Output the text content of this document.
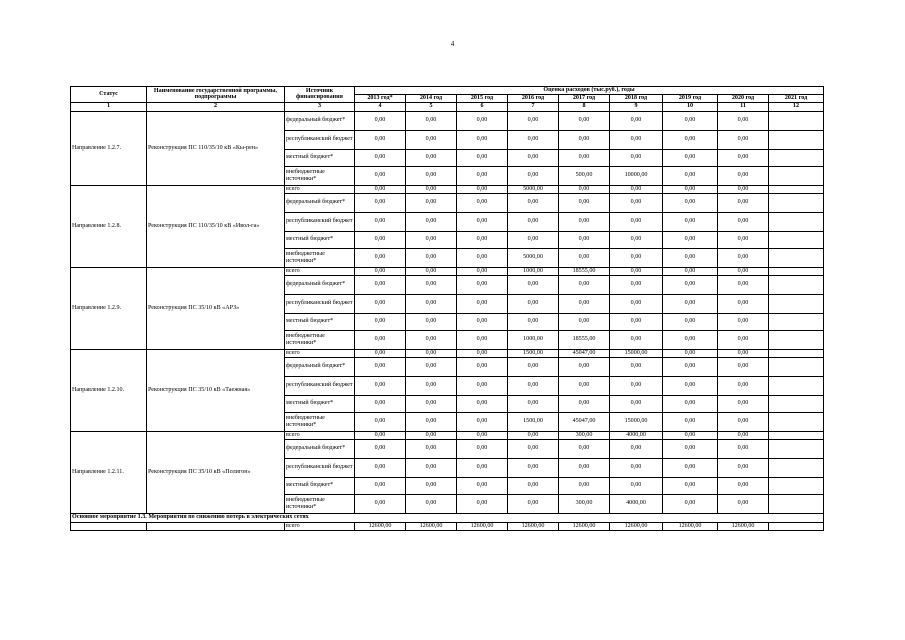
4
Статус	Наименование государственной программы, подпрограммы	Источник финансирования	Оценка расходов (тыс.руб.), годы								
			2013 год*	2014 год	2015 год	2016 год	2017 год	2018 год	2019 год	2020 год	2021 год
1	2	3	4	5	6	7	8	9	10	11	12
Направление 1.2.7.	Реконструкция ПС 110/35/10 кВ «Кы-рен»	федеральный бюджет*	0,00	0,00	0,00	0,00	0,00	0,00	0,00	0,00	
		республиканский бюджет	0,00	0,00	0,00	0,00	0,00	0,00	0,00	0,00	
		местный бюджет*	0,00	0,00	0,00	0,00	0,00	0,00	0,00	0,00	
		внебюджетные источники*	0,00	0,00	0,00	0,00	500,00	10000,00	0,00	0,00	
Направление 1.2.8.	Реконструкция ПС 110/35/10 кВ «Ивол-га»	всего	0,00	0,00	0,00	5000,00	0,00	0,00	0,00	0,00	
		федеральный бюджет*	0,00	0,00	0,00	0,00	0,00	0,00	0,00	0,00	
		республиканский бюджет	0,00	0,00	0,00	0,00	0,00	0,00	0,00	0,00	
		местный бюджет*	0,00	0,00	0,00	0,00	0,00	0,00	0,00	0,00	
		внебюджетные источники*	0,00	0,00	0,00	5000,00	0,00	0,00	0,00	0,00	
Направление 1.2.9.	Реконструкция ПС 35/10 кВ «АРЗ»	всего	0,00	0,00	0,00	1000,00	18555,00	0,00	0,00	0,00	
		федеральный бюджет*	0,00	0,00	0,00	0,00	0,00	0,00	0,00	0,00	
		республиканский бюджет	0,00	0,00	0,00	0,00	0,00	0,00	0,00	0,00	
		местный бюджет*	0,00	0,00	0,00	0,00	0,00	0,00	0,00	0,00	
		внебюджетные источники*	0,00	0,00	0,00	1000,00	18555,00	0,00	0,00	0,00	
Направление 1.2.10.	Реконструкция ПС 35/10 кВ «Таежная»	всего	0,00	0,00	0,00	1500,00	45047,00	15000,00	0,00	0,00	
		федеральный бюджет*	0,00	0,00	0,00	0,00	0,00	0,00	0,00	0,00	
		республиканский бюджет	0,00	0,00	0,00	0,00	0,00	0,00	0,00	0,00	
		местный бюджет*	0,00	0,00	0,00	0,00	0,00	0,00	0,00	0,00	
		внебюджетные источники*	0,00	0,00	0,00	1500,00	45047,00	15000,00	0,00	0,00	
Направление 1.2.11.	Реконструкция ПС 35/10 кВ «Полигон»	всего	0,00	0,00	0,00	0,00	300,00	4000,00	0,00	0,00	
		федеральный бюджет*	0,00	0,00	0,00	0,00	0,00	0,00	0,00	0,00	
		республиканский бюджет	0,00	0,00	0,00	0,00	0,00	0,00	0,00	0,00	
		местный бюджет*	0,00	0,00	0,00	0,00	0,00	0,00	0,00	0,00	
		внебюджетные источники*	0,00	0,00	0,00	0,00	300,00	4000,00	0,00	0,00	
Основное мероприятие 1.3. Мероприятия по снижению потерь в электрических сетях											
		всего	12600,00	12600,00	12600,00	12600,00	12600,00	12600,00	12600,00	12600,00	
